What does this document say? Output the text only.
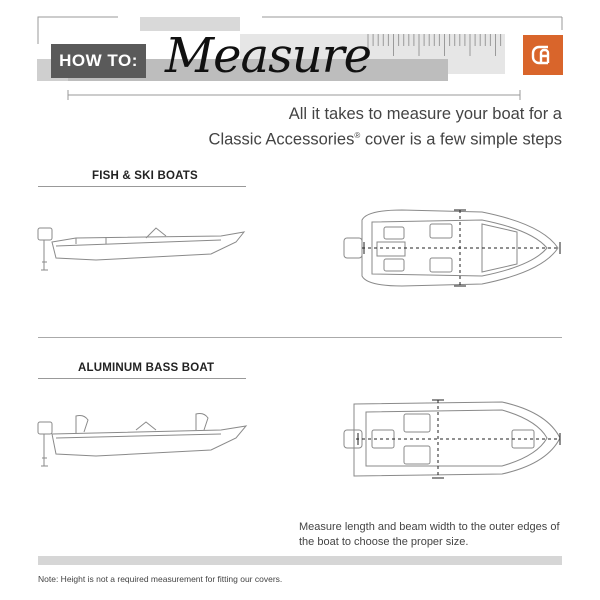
HOW TO: Measure
All it takes to measure your boat for a
Classic Accessories® cover is a few simple steps
FISH & SKI BOATS
ALUMINUM BASS BOAT
Measure length and beam width to the outer edges of the boat to choose the proper size.
Note: Height is not a required measurement for fitting our covers.
